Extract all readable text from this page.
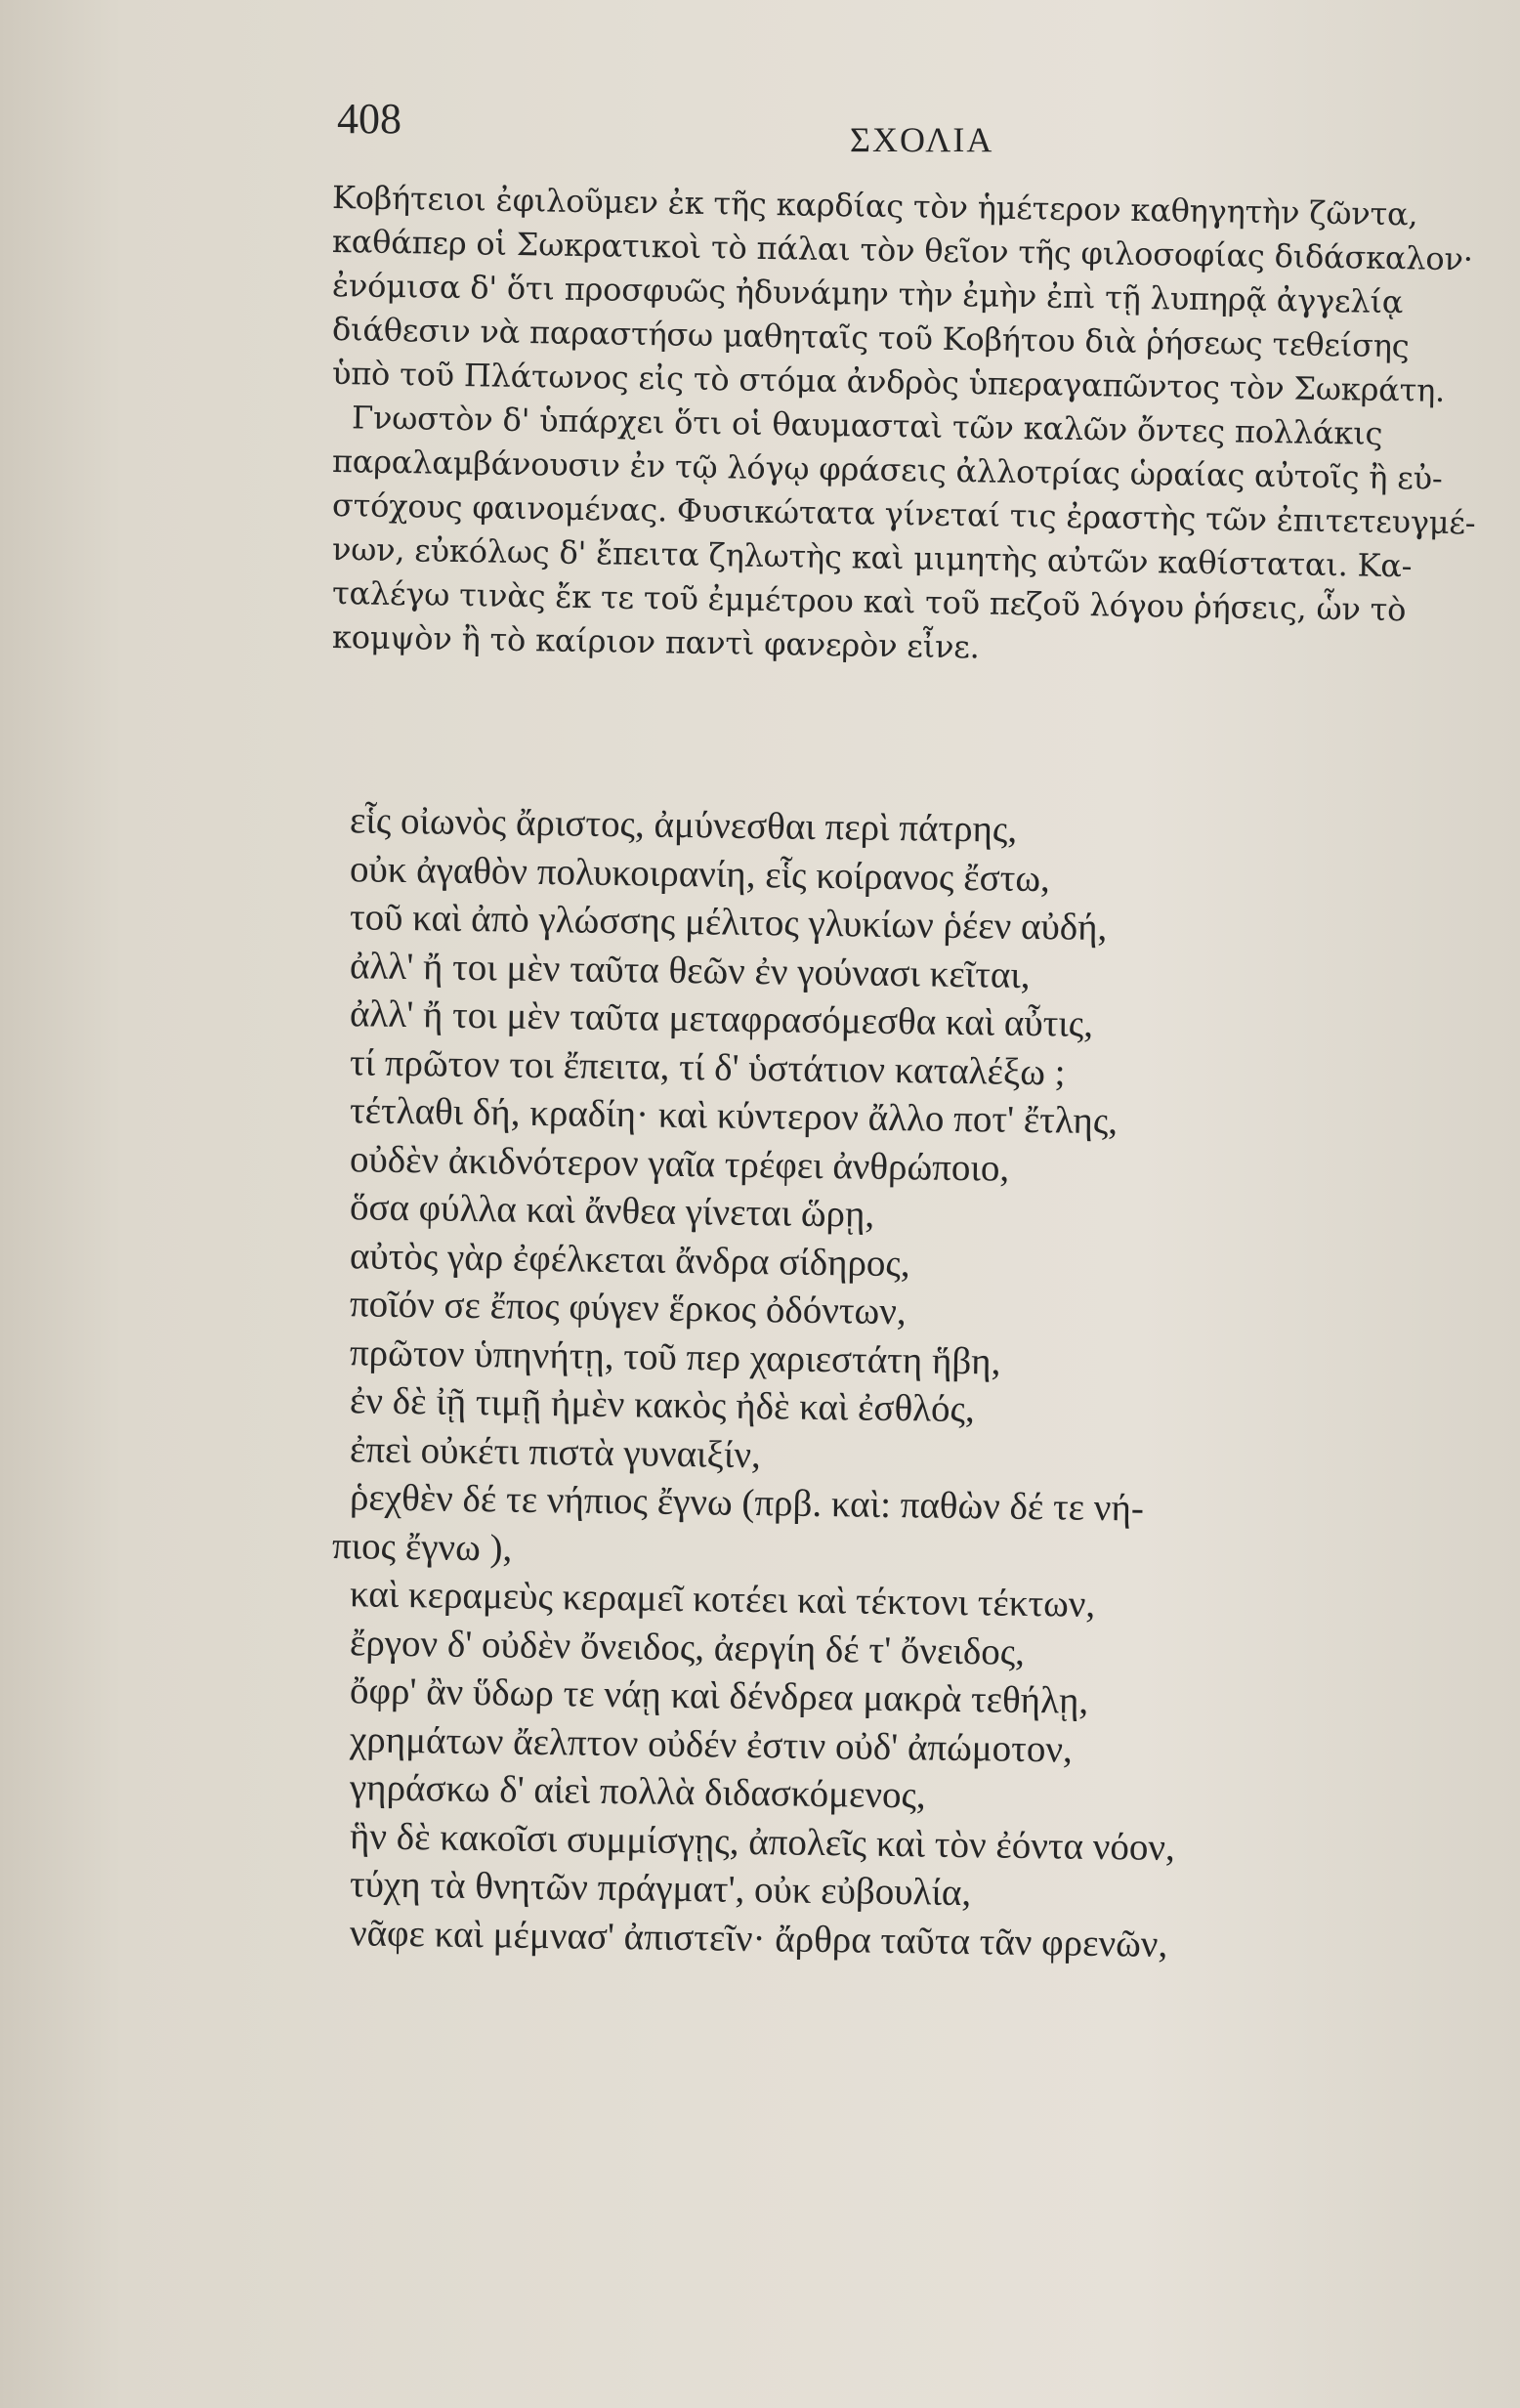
408	ΣΧΟΛΙΑ
Κοβήτειοι ἐφιλοῦμεν ἐκ τῆς καρδίας τὸν ἡμέτερον καθηγητὴν ζῶντα,
καθάπερ οἱ Σωκρατικοὶ τὸ πάλαι τὸν θεῖον τῆς φιλοσοφίας διδάσκαλον·
ἐνόμισα δ' ὅτι προσφυῶς ἠδυνάμην τὴν ἐμὴν ἐπὶ τῇ λυπηρᾷ ἀγγελίᾳ
διάθεσιν νὰ παραστήσω μαθηταῖς τοῦ Κοβήτου διὰ ῥήσεως τεθείσης
ὑπὸ τοῦ Πλάτωνος εἰς τὸ στόμα ἀνδρὸς ὑπεραγαπῶντος τὸν Σωκράτη.
Γνωστὸν δ' ὑπάρχει ὅτι οἱ θαυμασταὶ τῶν καλῶν ὄντες πολλάκις
παραλαμβάνουσιν ἐν τῷ λόγῳ φράσεις ἀλλοτρίας ὡραίας αὐτοῖς ἢ εὐ-
στόχους φαινομένας. Φυσικώτατα γίνεταί τις ἐραστὴς τῶν ἐπιτετευγμέ-
νων, εὐκόλως δ' ἔπειτα ζηλωτὴς καὶ μιμητὴς αὐτῶν καθίσταται. Κα-
ταλέγω τινὰς ἔκ τε τοῦ ἐμμέτρου καὶ τοῦ πεζοῦ λόγου ῥήσεις, ὧν τὸ
κομψὸν ἢ τὸ καίριον παντὶ φανερὸν εἶνε.
εἷς οἰωνὸς ἄριστος, ἀμύνεσθαι περὶ πάτρης,
οὐκ ἀγαθὸν πολυκοιρανίη, εἷς κοίρανος ἔστω,
τοῦ καὶ ἀπὸ γλώσσης μέλιτος γλυκίων ῥέεν αὐδή,
ἀλλ' ἤ τοι μὲν ταῦτα θεῶν ἐν γούνασι κεῖται,
ἀλλ' ἤ τοι μὲν ταῦτα μεταφρασόμεσθα καὶ αὖτις,
τί πρῶτον τοι ἔπειτα, τί δ' ὑστάτιον καταλέξω ;
τέτλαθι δή, κραδίη· καὶ κύντερον ἄλλο ποτ' ἔτλης,
οὐδὲν ἀκιδνότερον γαῖα τρέφει ἀνθρώποιο,
ὅσα φύλλα καὶ ἄνθεα γίνεται ὥρῃ,
αὐτὸς γὰρ ἐφέλκεται ἄνδρα σίδηρος,
ποῖόν σε ἔπος φύγεν ἕρκος ὀδόντων,
πρῶτον ὑπηνήτῃ, τοῦ περ χαριεστάτη ἥβη,
ἐν δὲ ἰῇ τιμῇ ἠμὲν κακὸς ἠδὲ καὶ ἐσθλός,
ἐπεὶ οὐκέτι πιστὰ γυναιξίν,
ῥεχθὲν δέ τε νήπιος ἔγνω (πρβ. καὶ: παθὼν δέ τε νή-
πιος ἔγνω ),
καὶ κεραμεὺς κεραμεῖ κοτέει καὶ τέκτονι τέκτων,
ἔργον δ' οὐδὲν ὄνειδος, ἀεργίη δέ τ' ὄνειδος,
ὄφρ' ἂν ὕδωρ τε νάῃ καὶ δένδρεα μακρὰ τεθήλῃ,
χρημάτων ἄελπτον οὐδέν ἐστιν οὐδ' ἀπώμοτον,
γηράσκω δ' αἰεὶ πολλὰ διδασκόμενος,
ἣν δὲ κακοῖσι συμμίσγῃς, ἀπολεῖς καὶ τὸν ἐόντα νόον,
τύχη τὰ θνητῶν πράγματ', οὐκ εὐβουλία,
νᾶφε καὶ μέμνασ' ἀπιστεῖν· ἄρθρα ταῦτα τᾶν φρενῶν,
